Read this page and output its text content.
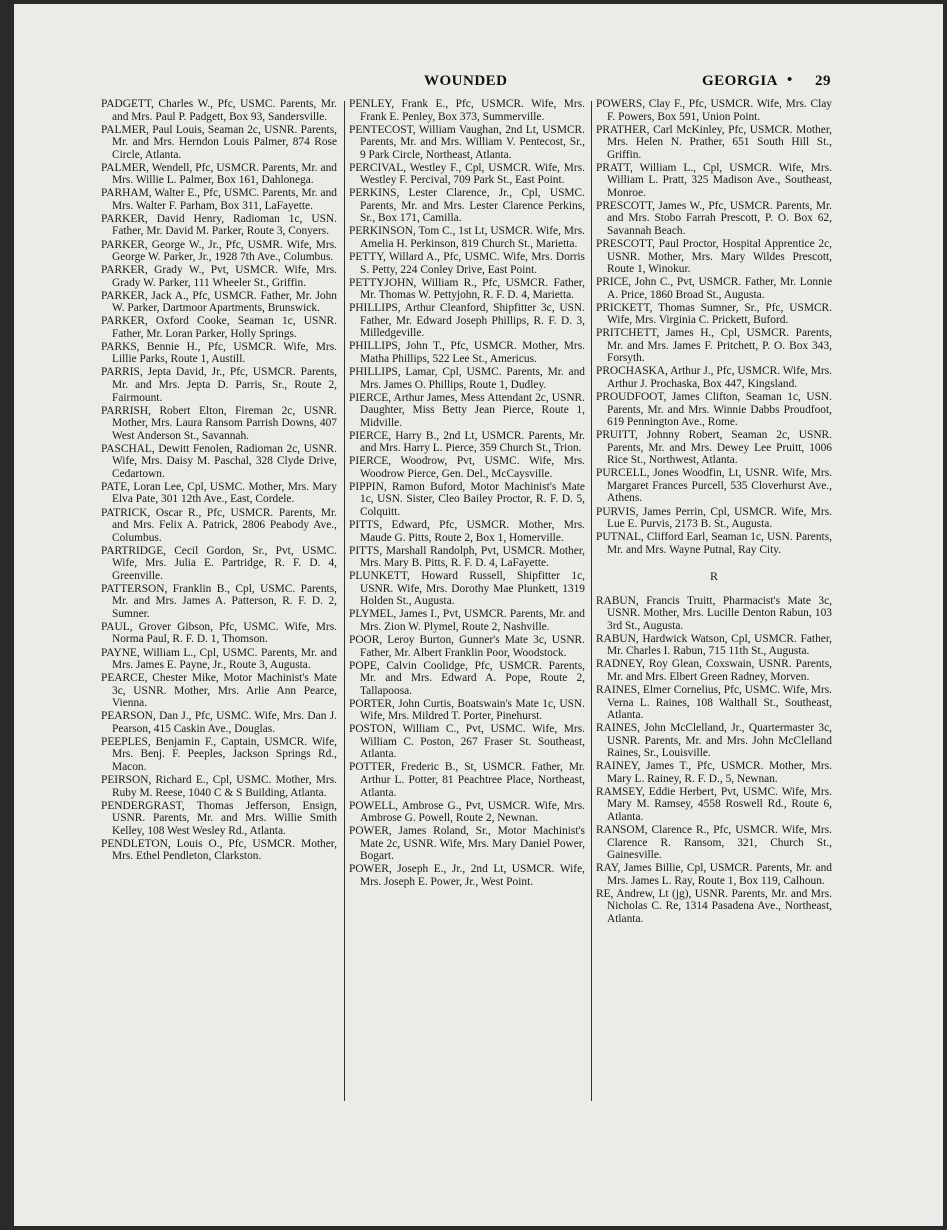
WOUNDED	GEORGIA • 29

PADGETT, Charles W., Pfc, USMC. Parents, Mr. and Mrs. Paul P. Padgett, Box 93, Sandersville.

PALMER, Paul Louis, Seaman 2c, USNR. Parents, Mr. and Mrs. Herndon Louis Palmer, 874 Rose Circle, Atlanta.

PALMER, Wendell, Pfc, USMCR. Parents, Mr. and Mrs. Willie L. Palmer, Box 161, Dahlonega.

PARHAM, Walter E., Pfc, USMC. Parents, Mr. and Mrs. Walter F. Parham, Box 311, LaFayette.

PARKER, David Henry, Radioman 1c, USN. Father, Mr. David M. Parker, Route 3, Conyers.

PARKER, George W., Jr., Pfc, USMR. Wife, Mrs. George W. Parker, Jr., 1928 7th Ave., Columbus.

PARKER, Grady W., Pvt, USMCR. Wife, Mrs. Grady W. Parker, 111 Wheeler St., Griffin.

PARKER, Jack A., Pfc, USMCR. Father, Mr. John W. Parker, Dartmoor Apartments, Brunswick.

PARKER, Oxford Cooke, Seaman 1c, USNR. Father, Mr. Loran Parker, Holly Springs.

PARKS, Bennie H., Pfc, USMCR. Wife, Mrs. Lillie Parks, Route 1, Austill.

PARRIS, Jepta David, Jr., Pfc, USMCR. Parents, Mr. and Mrs. Jepta D. Parris, Sr., Route 2, Fairmount.

PARRISH, Robert Elton, Fireman 2c, USNR. Mother, Mrs. Laura Ransom Parrish Downs, 407 West Anderson St., Savannah.

PASCHAL, Dewitt Fenolen, Radioman 2c, USNR. Wife, Mrs. Daisy M. Paschal, 328 Clyde Drive, Cedartown.

PATE, Loran Lee, Cpl, USMC. Mother, Mrs. Mary Elva Pate, 301 12th Ave., East, Cordele.

PATRICK, Oscar R., Pfc, USMCR. Parents, Mr. and Mrs. Felix A. Patrick, 2806 Peabody Ave., Columbus.

PARTRIDGE, Cecil Gordon, Sr., Pvt, USMC. Wife, Mrs. Julia E. Partridge, R. F. D. 4, Greenville.

PATTERSON, Franklin B., Cpl, USMC. Parents, Mr. and Mrs. James A. Patterson, R. F. D. 2, Sumner.

PAUL, Grover Gibson, Pfc, USMC. Wife, Mrs. Norma Paul, R. F. D. 1, Thomson.

PAYNE, William L., Cpl, USMC. Parents, Mr. and Mrs. James E. Payne, Jr., Route 3, Augusta.

PEARCE, Chester Mike, Motor Machinist's Mate 3c, USNR. Mother, Mrs. Arlie Ann Pearce, Vienna.

PEARSON, Dan J., Pfc, USMC. Wife, Mrs. Dan J. Pearson, 415 Caskin Ave., Douglas.

PEEPLES, Benjamin F., Captain, USMCR. Wife, Mrs. Benj. F. Peeples, Jackson Springs Rd., Macon.

PEIRSON, Richard E., Cpl, USMC. Mother, Mrs. Ruby M. Reese, 1040 C & S Building, Atlanta.

PENDERGRAST, Thomas Jefferson, Ensign, USNR. Parents, Mr. and Mrs. Willie Smith Kelley, 108 West Wesley Rd., Atlanta.

PENDLETON, Louis O., Pfc, USMCR. Mother, Mrs. Ethel Pendleton, Clarkston.

PENLEY, Frank E., Pfc, USMCR. Wife, Mrs. Frank E. Penley, Box 373, Summerville.

PENTECOST, William Vaughan, 2nd Lt, USMCR. Parents, Mr. and Mrs. William V. Pentecost, Sr., 9 Park Circle, Northeast, Atlanta.

PERCIVAL, Westley F., Cpl, USMCR. Wife, Mrs. Westley F. Percival, 709 Park St., East Point.

PERKINS, Lester Clarence, Jr., Cpl, USMC. Parents, Mr. and Mrs. Lester Clarence Perkins, Sr., Box 171, Camilla.

PERKINSON, Tom C., 1st Lt, USMCR. Wife, Mrs. Amelia H. Perkinson, 819 Church St., Marietta.

PETTY, Willard A., Pfc, USMC. Wife, Mrs. Dorris S. Petty, 224 Conley Drive, East Point.

PETTYJOHN, William R., Pfc, USMCR. Father, Mr. Thomas W. Pettyjohn, R. F. D. 4, Marietta.

PHILLIPS, Arthur Cleanford, Shipfitter 3c, USN. Father, Mr. Edward Joseph Phillips, R. F. D. 3, Milledgeville.

PHILLIPS, John T., Pfc, USMCR. Mother, Mrs. Matha Phillips, 522 Lee St., Americus.

PHILLIPS, Lamar, Cpl, USMC. Parents, Mr. and Mrs. James O. Phillips, Route 1, Dudley.

PIERCE, Arthur James, Mess Attendant 2c, USNR. Daughter, Miss Betty Jean Pierce, Route 1, Midville.

PIERCE, Harry B., 2nd Lt, USMCR. Parents, Mr. and Mrs. Harry L. Pierce, 359 Church St., Trion.

PIERCE, Woodrow, Pvt, USMC. Wife, Mrs. Woodrow Pierce, Gen. Del., McCaysville.

PIPPIN, Ramon Buford, Motor Machinist's Mate 1c, USN. Sister, Cleo Bailey Proctor, R. F. D. 5, Colquitt.

PITTS, Edward, Pfc, USMCR. Mother, Mrs. Maude G. Pitts, Route 2, Box 1, Homerville.

PITTS, Marshall Randolph, Pvt, USMCR. Mother, Mrs. Mary B. Pitts, R. F. D. 4, LaFayette.

PLUNKETT, Howard Russell, Shipfitter 1c, USNR. Wife, Mrs. Dorothy Mae Plunkett, 1319 Holden St., Augusta.

PLYMEL, James I., Pvt, USMCR. Parents, Mr. and Mrs. Zion W. Plymel, Route 2, Nashville.

POOR, Leroy Burton, Gunner's Mate 3c, USNR. Father, Mr. Albert Franklin Poor, Woodstock.

POPE, Calvin Coolidge, Pfc, USMCR. Parents, Mr. and Mrs. Edward A. Pope, Route 2, Tallapoosa.

PORTER, John Curtis, Boatswain's Mate 1c, USN. Wife, Mrs. Mildred T. Porter, Pinehurst.

POSTON, William C., Pvt, USMC. Wife, Mrs. William C. Poston, 267 Fraser St. Southeast, Atlanta.

POTTER, Frederic B., St, USMCR. Father, Mr. Arthur L. Potter, 81 Peachtree Place, Northeast, Atlanta.

POWELL, Ambrose G., Pvt, USMCR. Wife, Mrs. Ambrose G. Powell, Route 2, Newnan.

POWER, James Roland, Sr., Motor Machinist's Mate 2c, USNR. Wife, Mrs. Mary Daniel Power, Bogart.

POWER, Joseph E., Jr., 2nd Lt, USMCR. Wife, Mrs. Joseph E. Power, Jr., West Point.

POWERS, Clay F., Pfc, USMCR. Wife, Mrs. Clay F. Powers, Box 591, Union Point.

PRATHER, Carl McKinley, Pfc, USMCR. Mother, Mrs. Helen N. Prather, 651 South Hill St., Griffin.

PRATT, William L., Cpl, USMCR. Wife, Mrs. William L. Pratt, 325 Madison Ave., Southeast, Monroe.

PRESCOTT, James W., Pfc, USMCR. Parents, Mr. and Mrs. Stobo Farrah Prescott, P. O. Box 62, Savannah Beach.

PRESCOTT, Paul Proctor, Hospital Apprentice 2c, USNR. Mother, Mrs. Mary Wildes Prescott, Route 1, Winokur.

PRICE, John C., Pvt, USMCR. Father, Mr. Lonnie A. Price, 1860 Broad St., Augusta.

PRICKETT, Thomas Sumner, Sr., Pfc, USMCR. Wife, Mrs. Virginia C. Prickett, Buford.

PRITCHETT, James H., Cpl, USMCR. Parents, Mr. and Mrs. James F. Pritchett, P. O. Box 343, Forsyth.

PROCHASKA, Arthur J., Pfc, USMCR. Wife, Mrs. Arthur J. Prochaska, Box 447, Kingsland.

PROUDFOOT, James Clifton, Seaman 1c, USN. Parents, Mr. and Mrs. Winnie Dabbs Proudfoot, 619 Pennington Ave., Rome.

PRUITT, Johnny Robert, Seaman 2c, USNR. Parents, Mr. and Mrs. Dewey Lee Pruitt, 1006 Rice St., Northwest, Atlanta.

PURCELL, Jones Woodfin, Lt, USNR. Wife, Mrs. Margaret Frances Purcell, 535 Cloverhurst Ave., Athens.

PURVIS, James Perrin, Cpl, USMCR. Wife, Mrs. Lue E. Purvis, 2173 B. St., Augusta.

PUTNAL, Clifford Earl, Seaman 1c, USN. Parents, Mr. and Mrs. Wayne Putnal, Ray City.

R

RABUN, Francis Truitt, Pharmacist's Mate 3c, USNR. Mother, Mrs. Lucille Denton Rabun, 103 3rd St., Augusta.

RABUN, Hardwick Watson, Cpl, USMCR. Father, Mr. Charles I. Rabun, 715 11th St., Augusta.

RADNEY, Roy Glean, Coxswain, USNR. Parents, Mr. and Mrs. Elbert Green Radney, Morven.

RAINES, Elmer Cornelius, Pfc, USMC. Wife, Mrs. Verna L. Raines, 108 Walthall St., Southeast, Atlanta.

RAINES, John McClelland, Jr., Quartermaster 3c, USNR. Parents, Mr. and Mrs. John McClelland Raines, Sr., Louisville.

RAINEY, James T., Pfc, USMCR. Mother, Mrs. Mary L. Rainey, R. F. D., 5, Newnan.

RAMSEY, Eddie Herbert, Pvt, USMC. Wife, Mrs. Mary M. Ramsey, 4558 Roswell Rd., Route 6, Atlanta.

RANSOM, Clarence R., Pfc, USMCR. Wife, Mrs. Clarence R. Ransom, 321, Church St., Gainesville.

RAY, James Billie, Cpl, USMCR. Parents, Mr. and Mrs. James L. Ray, Route 1, Box 119, Calhoun.

RE, Andrew, Lt (jg), USNR. Parents, Mr. and Mrs. Nicholas C. Re, 1314 Pasadena Ave., Northeast, Atlanta.
